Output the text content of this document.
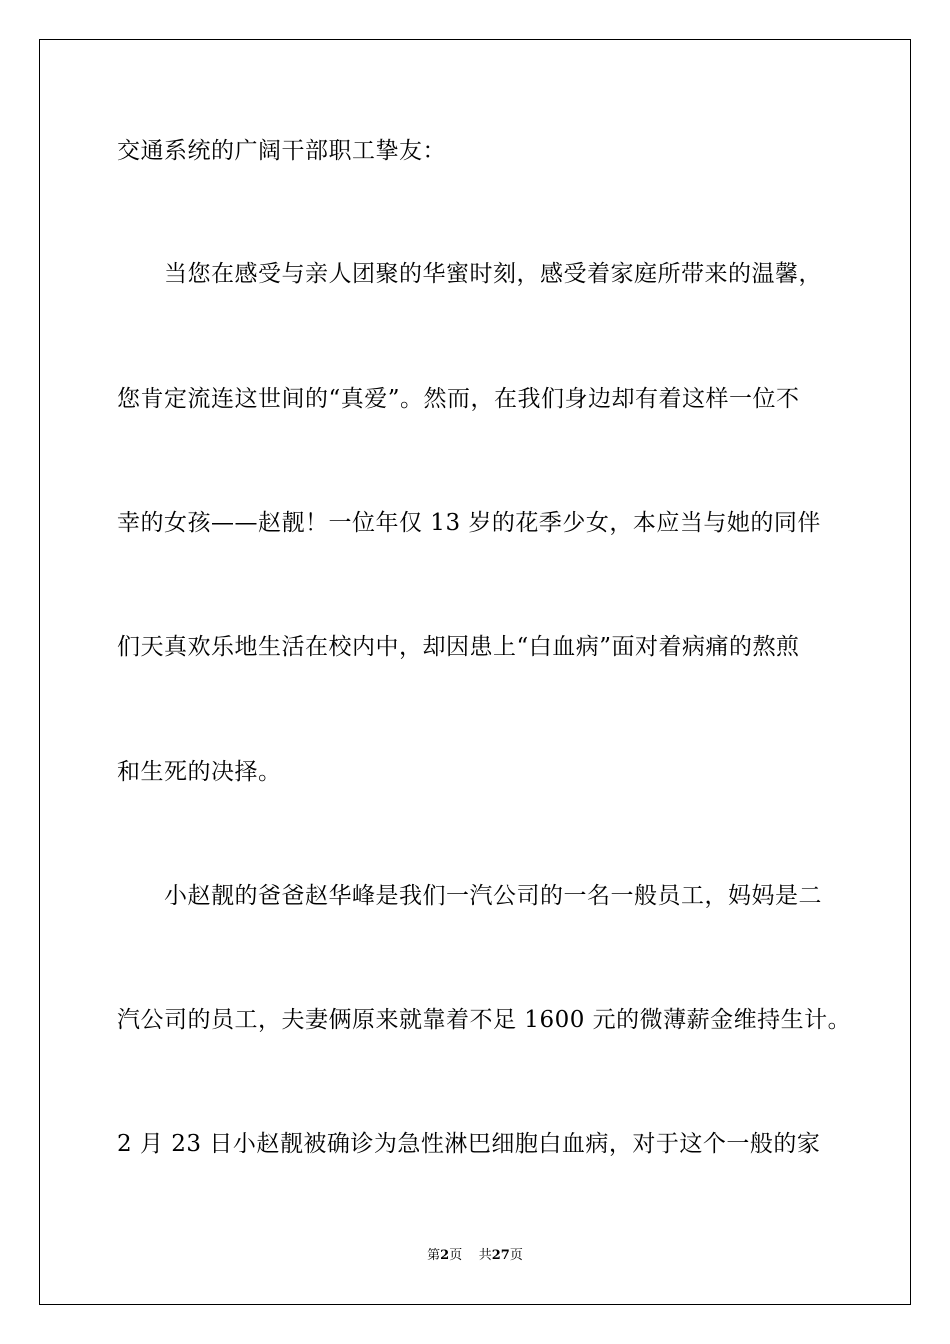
交通系统的广阔干部职工挚友：
　　当您在感受与亲人团聚的华蜜时刻，感受着家庭所带来的温馨，
您肯定流连这世间的“真爱”。然而，在我们身边却有着这样一位不
幸的女孩——赵靓！一位年仅 13 岁的花季少女，本应当与她的同伴
们天真欢乐地生活在校内中，却因患上“白血病”面对着病痛的熬煎
和生死的决择。
　　小赵靓的爸爸赵华峰是我们一汽公司的一名一般员工，妈妈是二
汽公司的员工，夫妻俩原来就靠着不足 1600 元的微薄薪金维持生计。
2 月 23 日小赵靓被确诊为急性淋巴细胞白血病，对于这个一般的家
第2页 共27页
